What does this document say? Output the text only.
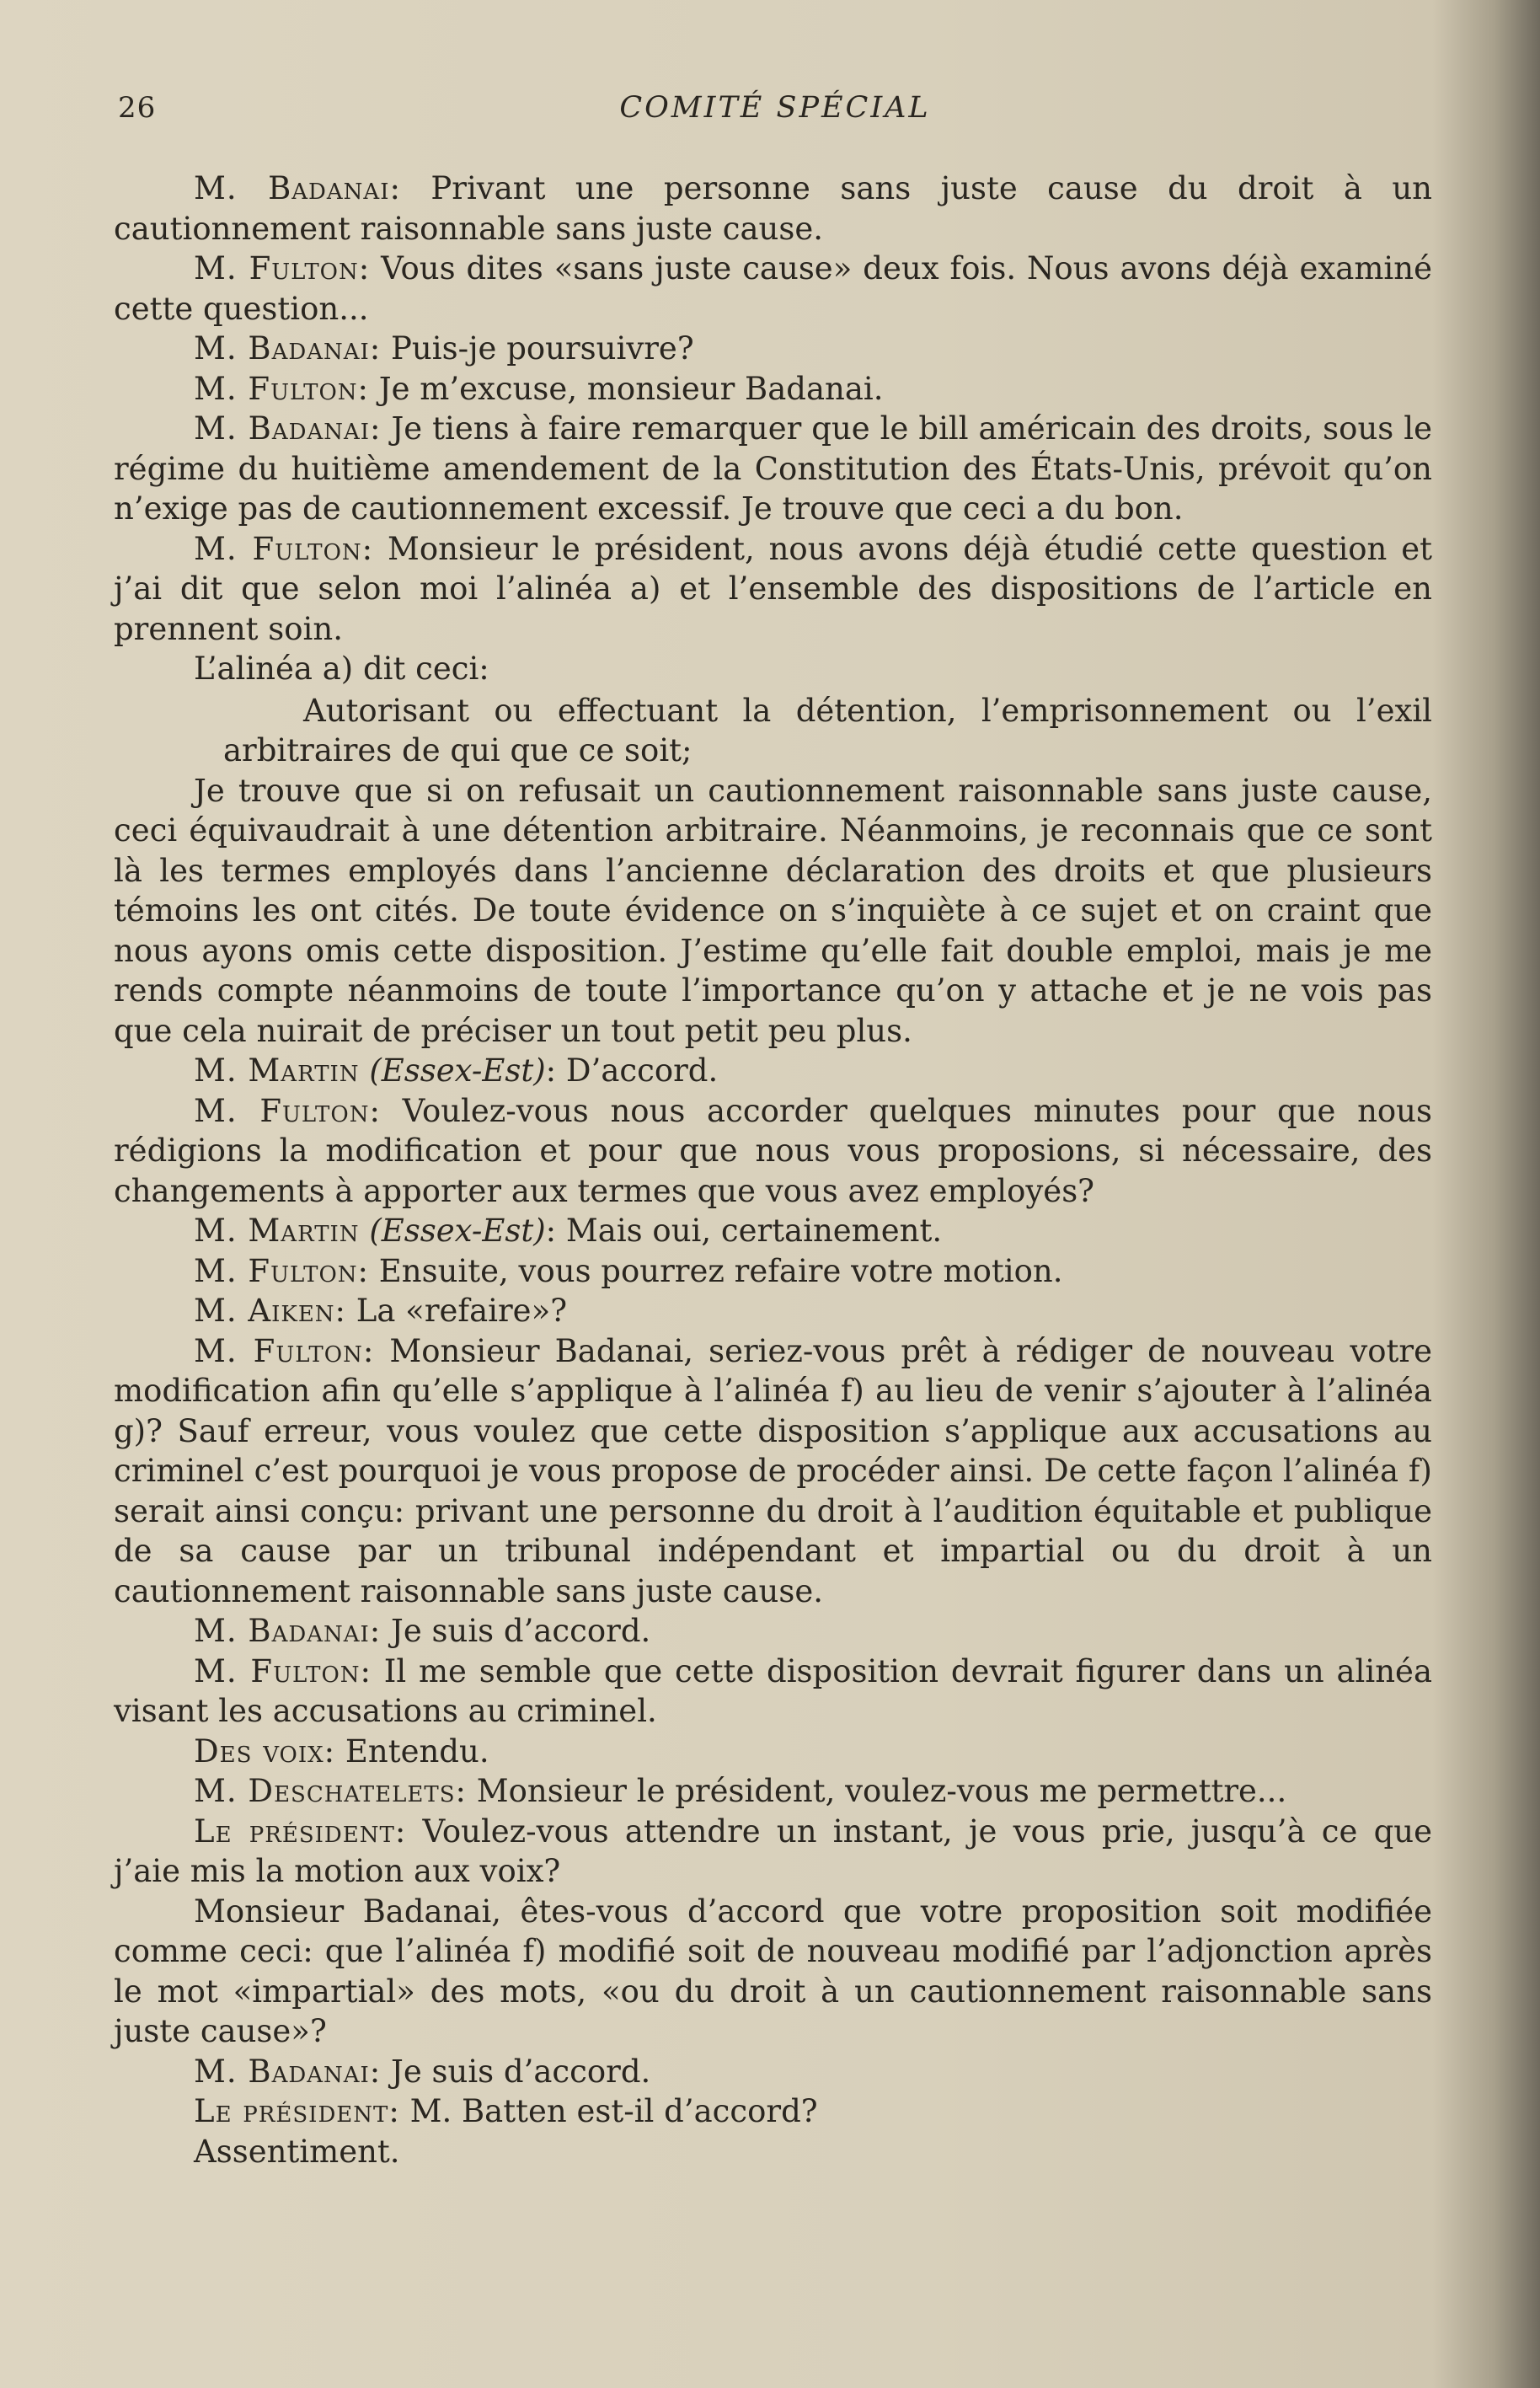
26	COMITÉ SPÉCIAL

M. Badanai: Privant une personne sans juste cause du droit à un cautionnement raisonnable sans juste cause.

M. Fulton: Vous dites «sans juste cause» deux fois. Nous avons déjà examiné cette question...

M. Badanai: Puis-je poursuivre?

M. Fulton: Je m’excuse, monsieur Badanai.

M. Badanai: Je tiens à faire remarquer que le bill américain des droits, sous le régime du huitième amendement de la Constitution des États-Unis, prévoit qu’on n’exige pas de cautionnement excessif. Je trouve que ceci a du bon.

M. Fulton: Monsieur le président, nous avons déjà étudié cette question et j’ai dit que selon moi l’alinéa a) et l’ensemble des dispositions de l’article en prennent soin.

L’alinéa a) dit ceci:

Autorisant ou effectuant la détention, l’emprisonnement ou l’exil arbitraires de qui que ce soit;

Je trouve que si on refusait un cautionnement raisonnable sans juste cause, ceci équivaudrait à une détention arbitraire. Néanmoins, je reconnais que ce sont là les termes employés dans l’ancienne déclaration des droits et que plusieurs témoins les ont cités. De toute évidence on s’inquiète à ce sujet et on craint que nous ayons omis cette disposition. J’estime qu’elle fait double emploi, mais je me rends compte néanmoins de toute l’importance qu’on y attache et je ne vois pas que cela nuirait de préciser un tout petit peu plus.

M. Martin (Essex-Est): D’accord.

M. Fulton: Voulez-vous nous accorder quelques minutes pour que nous rédigions la modification et pour que nous vous proposions, si nécessaire, des changements à apporter aux termes que vous avez employés?

M. Martin (Essex-Est): Mais oui, certainement.

M. Fulton: Ensuite, vous pourrez refaire votre motion.

M. Aiken: La «refaire»?

M. Fulton: Monsieur Badanai, seriez-vous prêt à rédiger de nouveau votre modification afin qu’elle s’applique à l’alinéa f) au lieu de venir s’ajouter à l’alinéa g)? Sauf erreur, vous voulez que cette disposition s’applique aux accusations au criminel c’est pourquoi je vous propose de procéder ainsi. De cette façon l’alinéa f) serait ainsi conçu: privant une personne du droit à l’audition équitable et publique de sa cause par un tribunal indépendant et impartial ou du droit à un cautionnement raisonnable sans juste cause.

M. Badanai: Je suis d’accord.

M. Fulton: Il me semble que cette disposition devrait figurer dans un alinéa visant les accusations au criminel.

Des voix: Entendu.

M. Deschatelets: Monsieur le président, voulez-vous me permettre...

Le président: Voulez-vous attendre un instant, je vous prie, jusqu’à ce que j’aie mis la motion aux voix?

Monsieur Badanai, êtes-vous d’accord que votre proposition soit modifiée comme ceci: que l’alinéa f) modifié soit de nouveau modifié par l’adjonction après le mot «impartial» des mots, «ou du droit à un cautionnement raisonnable sans juste cause»?

M. Badanai: Je suis d’accord.

Le président: M. Batten est-il d’accord?

Assentiment.
